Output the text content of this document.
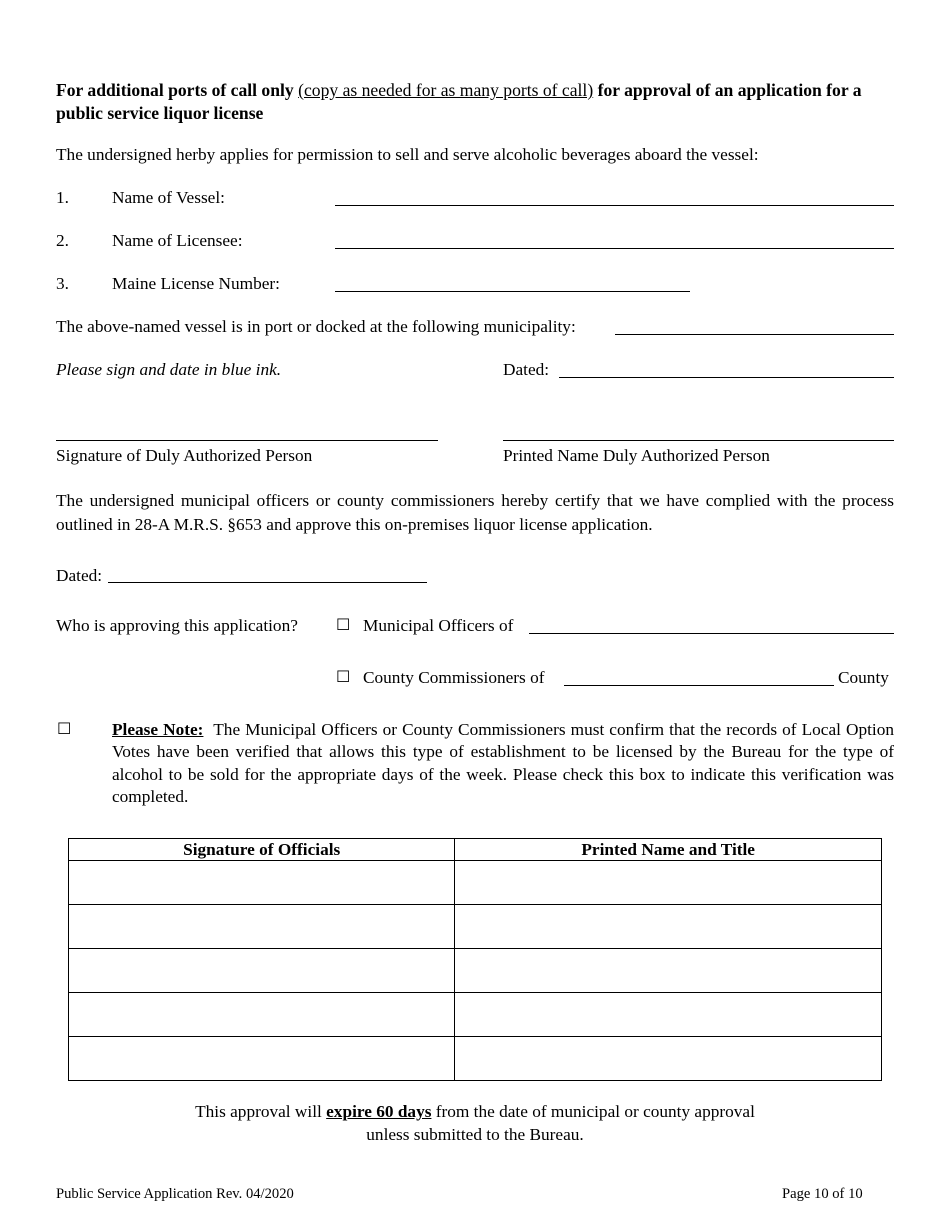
For additional ports of call only (copy as needed for as many ports of call) for approval of an application for a public service liquor license
The undersigned herby applies for permission to sell and serve alcoholic beverages aboard the vessel:
1. Name of Vessel:
2. Name of Licensee:
3. Maine License Number:
The above-named vessel is in port or docked at the following municipality:
Please sign and date in blue ink.	Dated:
Signature of Duly Authorized Person	Printed Name Duly Authorized Person
The undersigned municipal officers or county commissioners hereby certify that we have complied with the process outlined in 28-A M.R.S. §653 and approve this on-premises liquor license application.
Dated:
Who is approving this application? ☐ Municipal Officers of
☐ County Commissioners of	County
☐ Please Note: The Municipal Officers or County Commissioners must confirm that the records of Local Option Votes have been verified that allows this type of establishment to be licensed by the Bureau for the type of alcohol to be sold for the appropriate days of the week. Please check this box to indicate this verification was completed.
Signature of Officials	Printed Name and Title

This approval will expire 60 days from the date of municipal or county approval
unless submitted to the Bureau.
Public Service Application Rev. 04/2020	Page 10 of 10
